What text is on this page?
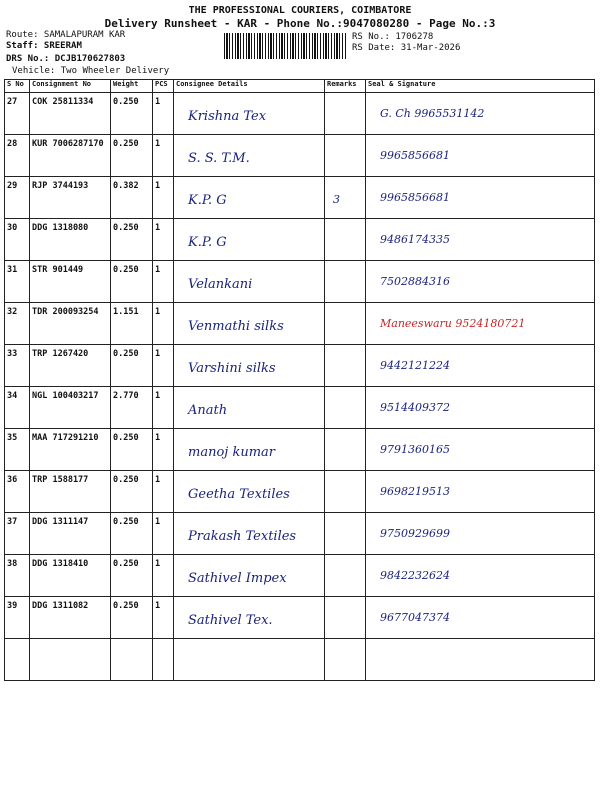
THE PROFESSIONAL COURIERS, COIMBATORE
Delivery Runsheet - KAR - Phone No.:9047080280 - Page No.:3
Route: SAMALAPURAM KAR
Staff: SREERAM
DRS No.: DCJB170627803
Vehicle: Two Wheeler Delivery
RS No.: 1706278
RS Date: 31-Mar-2026
S No	Consignment No	Weight	PCS	Consignee Details	Remarks	Seal & Signature

27	COK 25811334	0.250	1	Krishna Tex		G. Ch 9965531142

28	KUR 7006287170	0.250	1	S. S. T.M.		9965856681

29	RJP 3744193	0.382	1	K.P. G	3	9965856681

30	DDG 1318080	0.250	1	K.P. G		9486174335

31	STR 901449	0.250	1	Velankani		7502884316

32	TDR 200093254	1.151	1	Venmathi silks		Maneeswaru 9524180721

33	TRP 1267420	0.250	1	Varshini silks		9442121224

34	NGL 100403217	2.770	1	Anath		9514409372

35	MAA 717291210	0.250	1	manoj kumar		9791360165

36	TRP 1588177	0.250	1	Geetha Textiles		9698219513

37	DDG 1311147	0.250	1	Prakash Textiles		9750929699

38	DDG 1318410	0.250	1	Sathivel Impex		9842232624

39	DDG 1311082	0.250	1	Sathivel Tex.		9677047374
